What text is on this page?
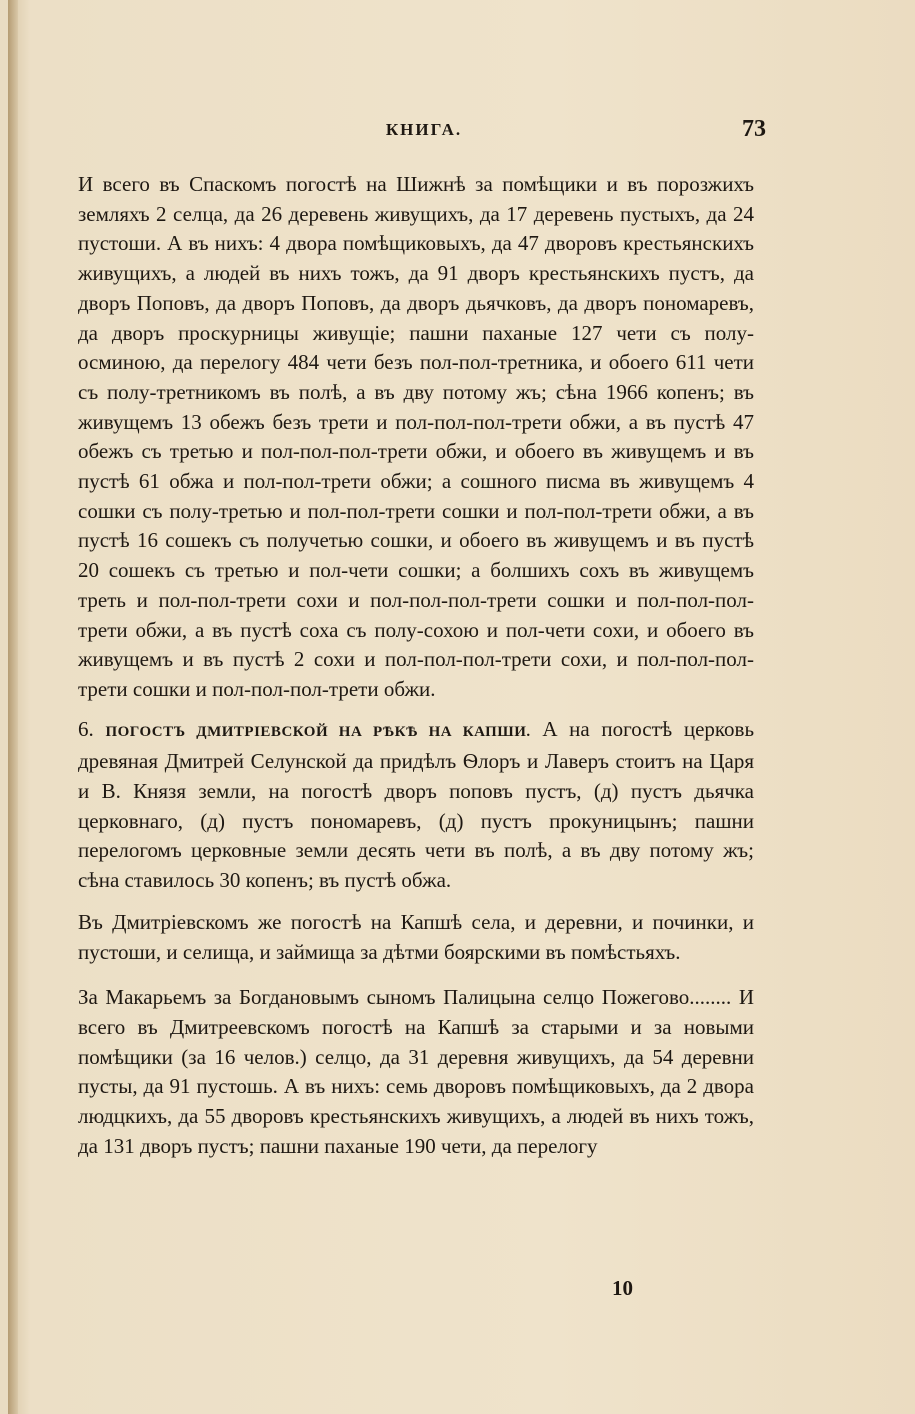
КНИГА.	73

И всего въ Спаскомъ погостѣ на Шижнѣ за помѣщики и въ порозжихъ земляхъ 2 селца, да 26 деревень живущихъ, да 17 деревень пустыхъ, да 24 пустоши. А въ нихъ: 4 двора помѣщиковыхъ, да 47 двоpовъ крестьянскихъ живущихъ, а людей въ нихъ тожъ, да 91 дворъ крестьянскихъ пустъ, да дворъ Поповъ, да дворъ Поповъ, да дворъ дьячковъ, да дворъ пономаревъ, да дворъ проскурницы живущіе; пашни паханые 127 чети съ полу-осминою, да перелогу 484 чети безъ пол-пол-третника, и обоего 611 чети съ полу-третникомъ въ полѣ, а въ дву потому жъ; сѣна 1966 копенъ; въ живущемъ 13 обежъ безъ трети и пол-пол-пол-трети обжи, а въ пустѣ 47 обежъ съ третью и пол-пол-пол-трети обжи, и обоего въ живущемъ и въ пустѣ 61 обжа и пол-пол-трети обжи; а сошного писма въ живущемъ 4 сошки съ полу-третью и пол-пол-трети сошки и пол-пол-трети обжи, а въ пустѣ 16 сошекъ съ получетью сошки, и обоего въ живущемъ и въ пустѣ 20 сошекъ съ третью и пол-чети сошки; а болшихъ сохъ въ живущемъ треть и пол-пол-трети сохи и пол-пол-пол-трети сошки и пол-пол-пол-трети обжи, а въ пустѣ соха съ полу-сохою и пол-чети сохи, и обоего въ живущемъ и въ пустѣ 2 сохи и пол-пол-пол-трети сохи, и пол-пол-пол-трети сошки и пол-пол-пол-трети обжи.

6. ПОГОСТЪ ДМИТРІЕВСКОЙ НА РѢКѢ НА КАПШИ. А на погостѣ церковь древяная Дмитрей Селунской да придѣлъ Ѳлоръ и Лаверъ стоитъ на Царя и В. Князя земли, на погостѣ дворъ поповъ пустъ, (д) пустъ дьячка церковнаго, (д) пустъ пономаревъ, (д) пустъ прокуницынъ; пашни перелогомъ церковные земли десять чети въ полѣ, а въ дву потому жъ; сѣна ставилось 30 копенъ; въ пустѣ обжа.

Въ Дмитріевскомъ же погостѣ на Капшѣ села, и деревни, и починки, и пустоши, и селища, и займища за дѣтми боярскими въ помѣстьяхъ.

За Макарьемъ за Богдановымъ сыномъ Палицына селцо Пожегово........ И всего въ Дмитреевскомъ погостѣ на Капшѣ за старыми и за новыми помѣщики (за 16 челов.) селцо, да 31 деревня живущихъ, да 54 деревни пусты, да 91 пустошь. А въ нихъ: семь дворовъ помѣщиковыхъ, да 2 двора людцкихъ, да 55 дворовъ крестьянскихъ живущихъ, а людей въ нихъ тожъ, да 131 дворъ пустъ; пашни паханые 190 чети, да перелогу

10
